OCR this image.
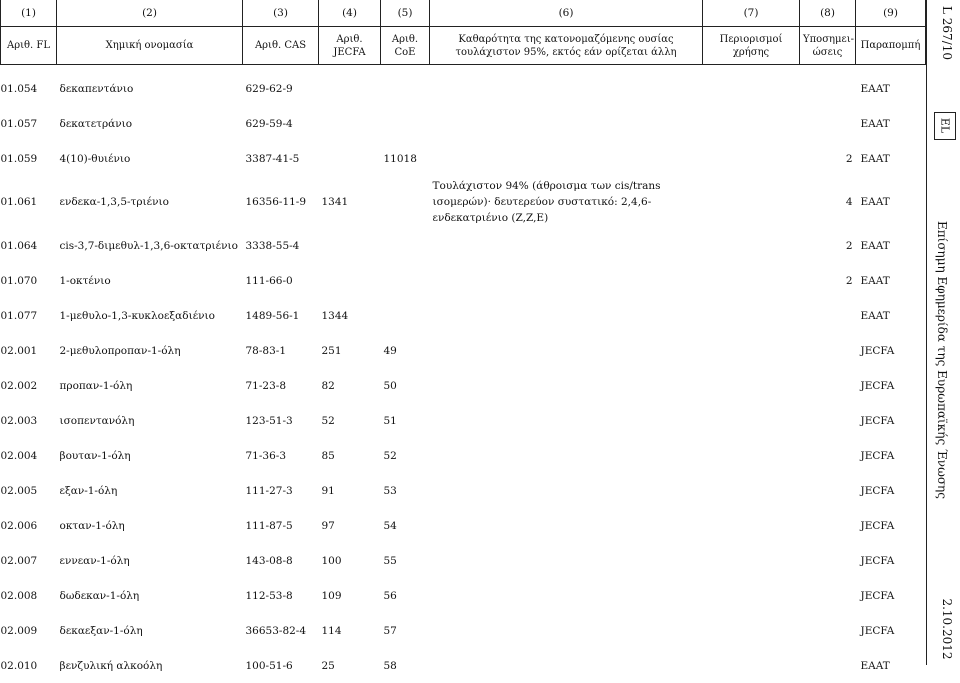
(1)	(2)	(3)	(4)	(5)	(6)	(7)	(8)	(9)
Αριθ. FL	Χημική ονομασία	Αριθ. CAS	Αριθ. JECFA	Αριθ. CoE	Καθαρότητα της κατονομαζόμενης ουσίας τουλάχιστον 95%, εκτός εάν ορίζεται άλλη	Περιορισμοί χρήσης	Υποσημει-ώσεις	Παραπομπή
01.054	δεκαπεντάνιο	629-62-9						EAAT
01.057	δεκατετράνιο	629-59-4						EAAT
01.059	4(10)-θυιένιο	3387-41-5		11018			2	EAAT
01.061	ενδεκα-1,3,5-τριένιο	16356-11-9	1341		Τουλάχιστον 94% (άθροισμα των cis/trans ισομερών)· δευτερεύον συστατικό: 2,4,6-ενδεκατριένιο (Z,Z,E)		4	EAAT
01.064	cis-3,7-διμεθυλ-1,3,6-οκτατριένιο	3338-55-4					2	EAAT
01.070	1-οκτένιο	111-66-0					2	EAAT
01.077	1-μεθυλο-1,3-κυκλοεξαδιένιο	1489-56-1	1344					EAAT
02.001	2-μεθυλοπροπαν-1-όλη	78-83-1	251	49				JECFA
02.002	προπαν-1-όλη	71-23-8	82	50				JECFA
02.003	ισοπεντανόλη	123-51-3	52	51				JECFA
02.004	βουταν-1-όλη	71-36-3	85	52				JECFA
02.005	εξαν-1-όλη	111-27-3	91	53				JECFA
02.006	οκταν-1-όλη	111-87-5	97	54				JECFA
02.007	ενν​εαν-1-όλη	143-08-8	100	55				JECFA
02.008	δωδεκαν-1-όλη	112-53-8	109	56				JECFA
02.009	δεκαεξαν-1-όλη	36653-82-4	114	57				JECFA
02.010	βενζυλική αλκοόλη	100-51-6	25	58				EAAT
L 267/10
EL
Επίσημη Εφημερίδα της Ευρωπαϊκής Ένωσης
2.10.2012
